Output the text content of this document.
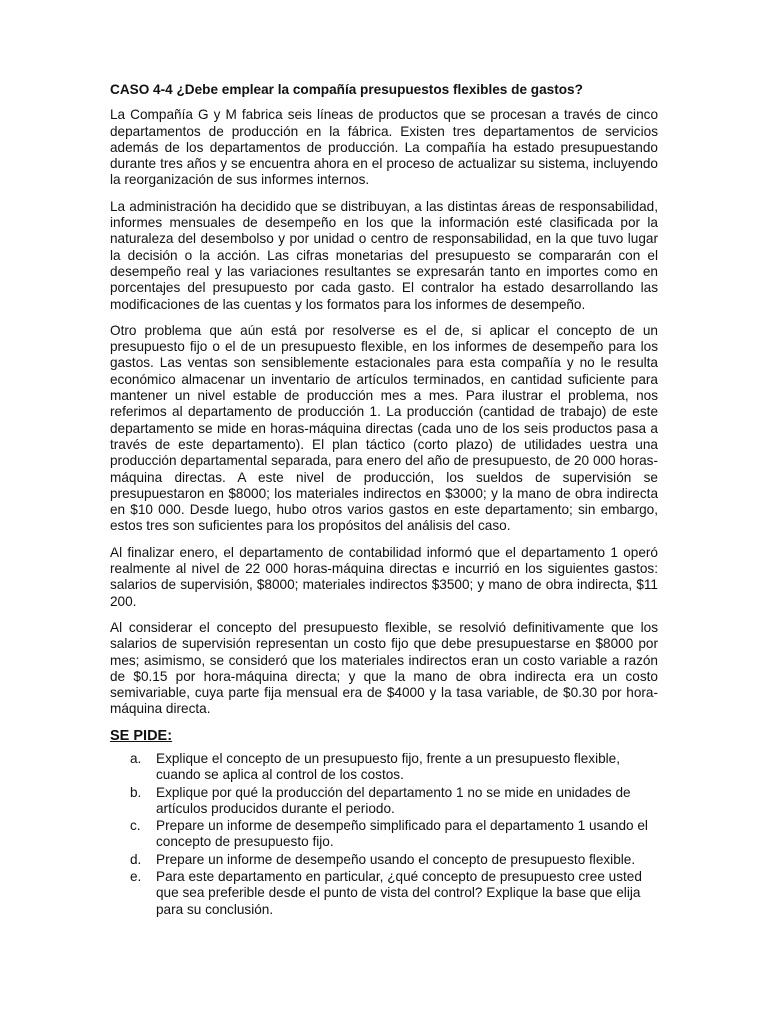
CASO 4-4 ¿Debe emplear la compañía presupuestos flexibles de gastos?

La Compañía G y M fabrica seis líneas de productos que se procesan a través de cinco departamentos de producción en la fábrica. Existen tres departamentos de servicios además de los departamentos de producción. La compañía ha estado presupuestando durante tres años y se encuentra ahora en el proceso de actualizar su sistema, incluyendo la reorganización de sus informes internos.

La administración ha decidido que se distribuyan, a las distintas áreas de responsabilidad, informes mensuales de desempeño en los que la información esté clasificada por la naturaleza del desembolso y por unidad o centro de responsabilidad, en la que tuvo lugar la decisión o la acción. Las cifras monetarias del presupuesto se compararán con el desempeño real y las variaciones resultantes se expresarán tanto en importes como en porcentajes del presupuesto por cada gasto. El contralor ha estado desarrollando las modificaciones de las cuentas y los formatos para los informes de desempeño.

Otro problema que aún está por resolverse es el de, si aplicar el concepto de un presupuesto fijo o el de un presupuesto flexible, en los informes de desempeño para los gastos. Las ventas son sensiblemente estacionales para esta compañía y no le resulta económico almacenar un inventario de artículos terminados, en cantidad suficiente para mantener un nivel estable de producción mes a mes. Para ilustrar el problema, nos referimos al departamento de producción 1. La producción (cantidad de trabajo) de este departamento se mide en horas-máquina directas (cada uno de los seis productos pasa a través de este departamento). El plan táctico (corto plazo) de utilidades uestra una producción departamental separada, para enero del año de presupuesto, de 20 000 horas-máquina directas. A este nivel de producción, los sueldos de supervisión se presupuestaron en $8000; los materiales indirectos en $3000; y la mano de obra indirecta en $10 000. Desde luego, hubo otros varios gastos en este departamento; sin embargo, estos tres son suficientes para los propósitos del análisis del caso.

Al finalizar enero, el departamento de contabilidad informó que el departamento 1 operó realmente al nivel de 22 000 horas-máquina directas e incurrió en los siguientes gastos: salarios de supervisión, $8000; materiales indirectos $3500; y mano de obra indirecta, $11 200.

Al considerar el concepto del presupuesto flexible, se resolvió definitivamente que los salarios de supervisión representan un costo fijo que debe presupuestarse en $8000 por mes; asimismo, se consideró que los materiales indirectos eran un costo variable a razón de $0.15 por hora-máquina directa; y que la mano de obra indirecta era un costo semivariable, cuya parte fija mensual era de $4000 y la tasa variable, de $0.30 por hora-máquina directa.

SE PIDE:
a. Explique el concepto de un presupuesto fijo, frente a un presupuesto flexible, cuando se aplica al control de los costos.
b. Explique por qué la producción del departamento 1 no se mide en unidades de artículos producidos durante el periodo.
c. Prepare un informe de desempeño simplificado para el departamento 1 usando el concepto de presupuesto fijo.
d. Prepare un informe de desempeño usando el concepto de presupuesto flexible.
e. Para este departamento en particular, ¿qué concepto de presupuesto cree usted que sea preferible desde el punto de vista del control? Explique la base que elija para su conclusión.
